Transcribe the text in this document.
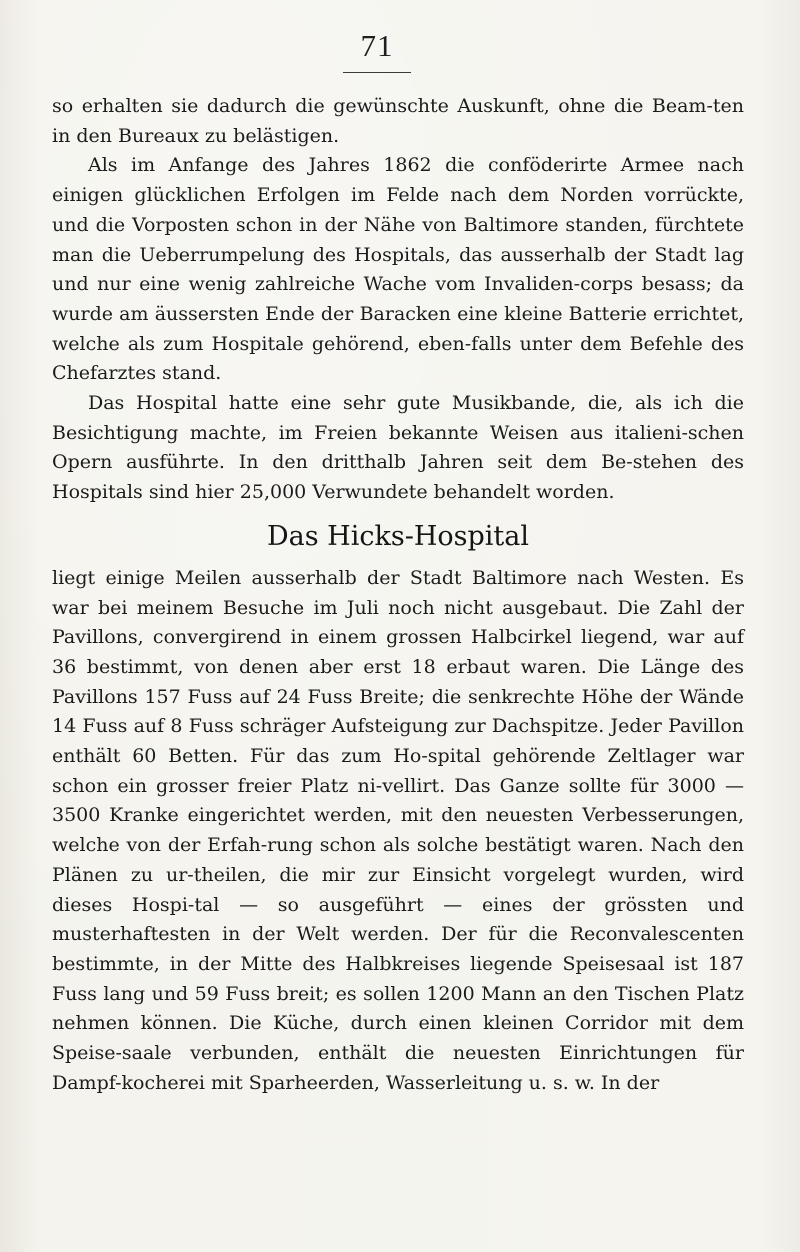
71

so erhalten sie dadurch die gewünschte Auskunft, ohne die Beam-ten in den Bureaux zu belästigen.

Als im Anfange des Jahres 1862 die conföderirte Armee nach einigen glücklichen Erfolgen im Felde nach dem Norden vorrückte, und die Vorposten schon in der Nähe von Baltimore standen, fürchtete man die Ueberrumpelung des Hospitals, das ausserhalb der Stadt lag und nur eine wenig zahlreiche Wache vom Invaliden-corps besass; da wurde am äussersten Ende der Baracken eine kleine Batterie errichtet, welche als zum Hospitale gehörend, eben-falls unter dem Befehle des Chefarztes stand.

Das Hospital hatte eine sehr gute Musikbande, die, als ich die Besichtigung machte, im Freien bekannte Weisen aus italieni-schen Opern ausführte. In den dritthalb Jahren seit dem Be-stehen des Hospitals sind hier 25,000 Verwundete behandelt worden.

Das Hicks-Hospital

liegt einige Meilen ausserhalb der Stadt Baltimore nach Westen. Es war bei meinem Besuche im Juli noch nicht ausgebaut. Die Zahl der Pavillons, convergirend in einem grossen Halbcirkel liegend, war auf 36 bestimmt, von denen aber erst 18 erbaut waren. Die Länge des Pavillons 157 Fuss auf 24 Fuss Breite; die senkrechte Höhe der Wände 14 Fuss auf 8 Fuss schräger Aufsteigung zur Dachspitze. Jeder Pavillon enthält 60 Betten. Für das zum Ho-spital gehörende Zeltlager war schon ein grosser freier Platz ni-vellirt. Das Ganze sollte für 3000 — 3500 Kranke eingerichtet werden, mit den neuesten Verbesserungen, welche von der Erfah-rung schon als solche bestätigt waren. Nach den Plänen zu ur-theilen, die mir zur Einsicht vorgelegt wurden, wird dieses Hospi-tal — so ausgeführt — eines der grössten und musterhaftesten in der Welt werden. Der für die Reconvalescenten bestimmte, in der Mitte des Halbkreises liegende Speisesaal ist 187 Fuss lang und 59 Fuss breit; es sollen 1200 Mann an den Tischen Platz nehmen können. Die Küche, durch einen kleinen Corridor mit dem Speise-saale verbunden, enthält die neuesten Einrichtungen für Dampf-kocherei mit Sparheerden, Wasserleitung u. s. w. In der
